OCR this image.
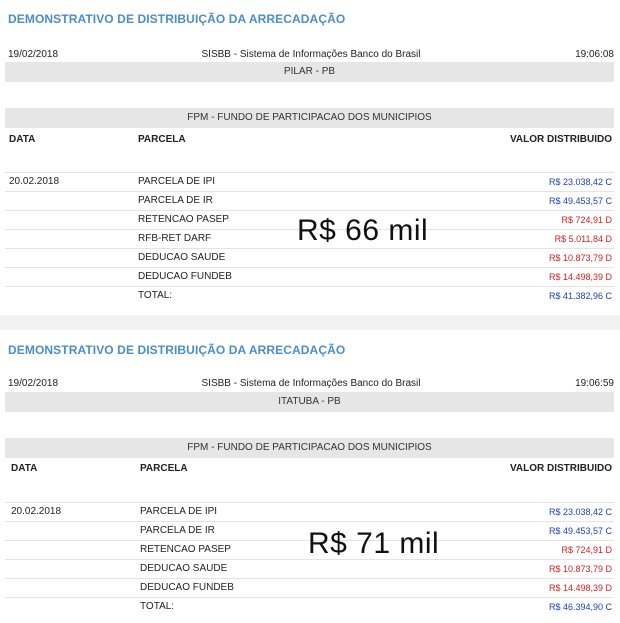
DEMONSTRATIVO DE DISTRIBUIÇÃO DA ARRECADAÇÃO
19/02/2018	SISBB - Sistema de Informações Banco do Brasil	19:06:08
PILAR - PB
FPM - FUNDO DE PARTICIPACAO DOS MUNICIPIOS
DATA	PARCELA	VALOR DISTRIBUIDO
20.02.2018	PARCELA DE IPI	R$ 23.038,42 C
PARCELA DE IR	R$ 49.453,57 C
RETENCAO PASEP	R$ 724,91 D
RFB-RET DARF	R$ 5.011,84 D
DEDUCAO SAUDE	R$ 10.873,79 D
DEDUCAO FUNDEB	R$ 14.498,39 D
TOTAL:	R$ 41.382,96 C
R$ 66 mil
DEMONSTRATIVO DE DISTRIBUIÇÃO DA ARRECADAÇÃO
19/02/2018	SISBB - Sistema de Informações Banco do Brasil	19:06:59
ITATUBA - PB
FPM - FUNDO DE PARTICIPACAO DOS MUNICIPIOS
DATA	PARCELA	VALOR DISTRIBUIDO
20.02.2018	PARCELA DE IPI	R$ 23.038,42 C
PARCELA DE IR	R$ 49.453,57 C
RETENCAO PASEP	R$ 724,91 D
DEDUCAO SAUDE	R$ 10.873,79 D
DEDUCAO FUNDEB	R$ 14.498,39 D
TOTAL:	R$ 46.394,90 C
R$ 71 mil
